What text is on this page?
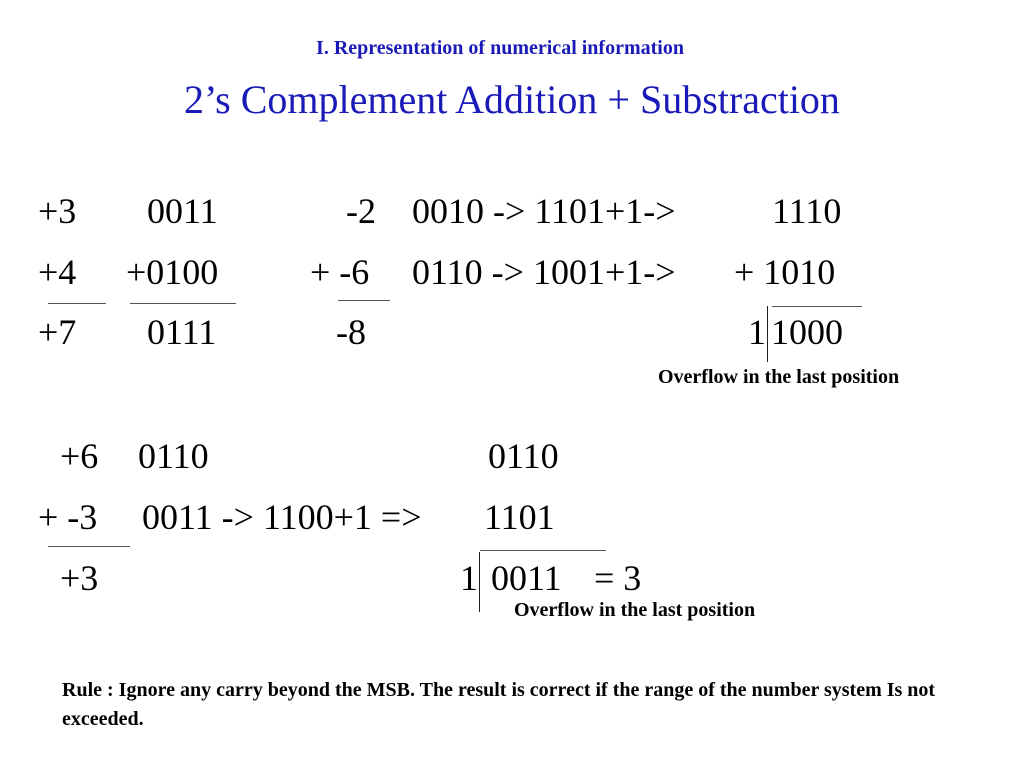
I. Representation of numerical information
2’s Complement Addition + Substraction
+3 0011	-2 0010 -> 1101+1->	1110
+4 +0100	+ -6 0110 -> 1001+1-> + 1010
+7 0111	-8	1 1000
Overflow in the last position
+6 0110	0110
+ -3 0011 -> 1100+1 => 1101
+3	1 0011 = 3
Overflow in the last position
Rule : Ignore any carry beyond the MSB. The result is correct if the range of the number system Is not exceeded.
